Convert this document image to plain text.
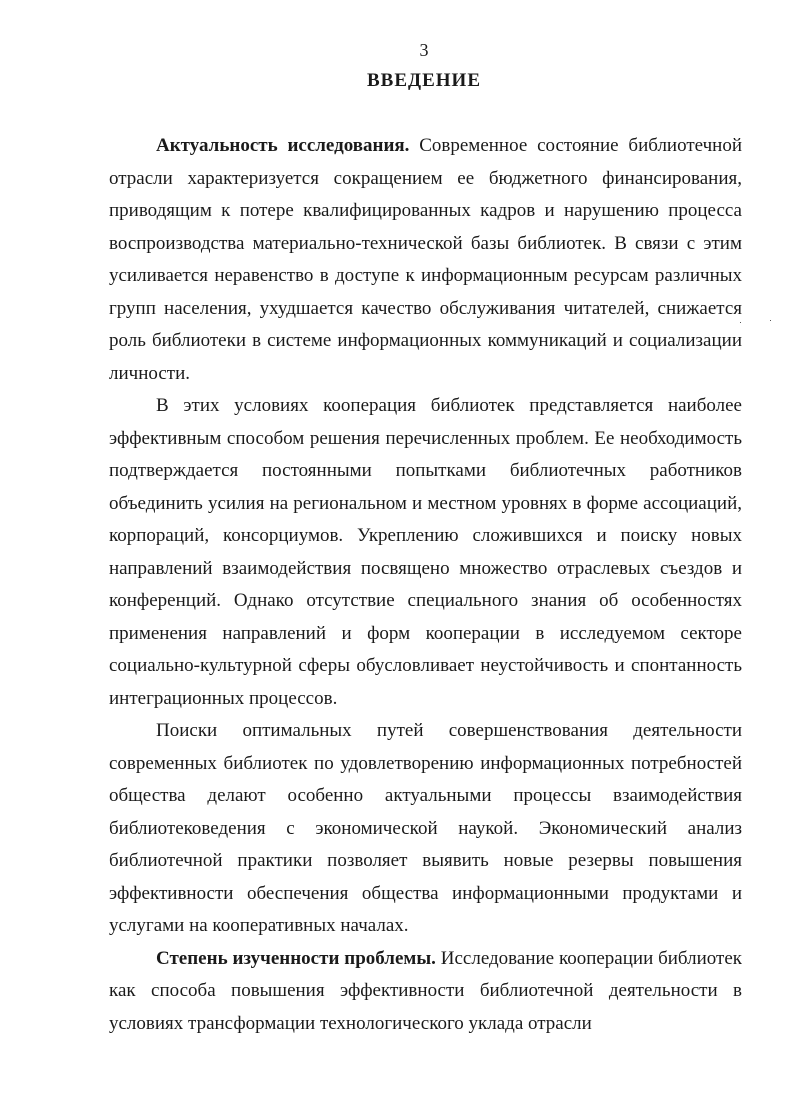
3
ВВЕДЕНИЕ

Актуальность исследования. Современное состояние библиотечной отрасли характеризуется сокращением ее бюджетного финансирования, приводящим к потере квалифицированных кадров и нарушению процесса воспроизводства материально-технической базы библиотек. В связи с этим усиливается неравенство в доступе к информационным ресурсам различных групп населения, ухудшается качество обслуживания читателей, снижается роль библиотеки в системе информационных коммуникаций и социализации личности.

В этих условиях кооперация библиотек представляется наиболее эффективным способом решения перечисленных проблем. Ее необходимость подтверждается постоянными попытками библиотечных работников объединить усилия на региональном и местном уровнях в форме ассоциаций, корпораций, консорциумов. Укреплению сложившихся и поиску новых направлений взаимодействия посвящено множество отраслевых съездов и конференций. Однако отсутствие специального знания об особенностях применения направлений и форм кооперации в исследуемом секторе социально-культурной сферы обусловливает неустойчивость и спонтанность интеграционных процессов.

Поиски оптимальных путей совершенствования деятельности современных библиотек по удовлетворению информационных потребностей общества делают особенно актуальными процессы взаимодействия библиотековедения с экономической наукой. Экономический анализ библиотечной практики позволяет выявить новые резервы повышения эффективности обеспечения общества информационными продуктами и услугами на кооперативных началах.

Степень изученности проблемы. Исследование кооперации библиотек как способа повышения эффективности библиотечной деятельности в условиях трансформации технологического уклада отрасли
